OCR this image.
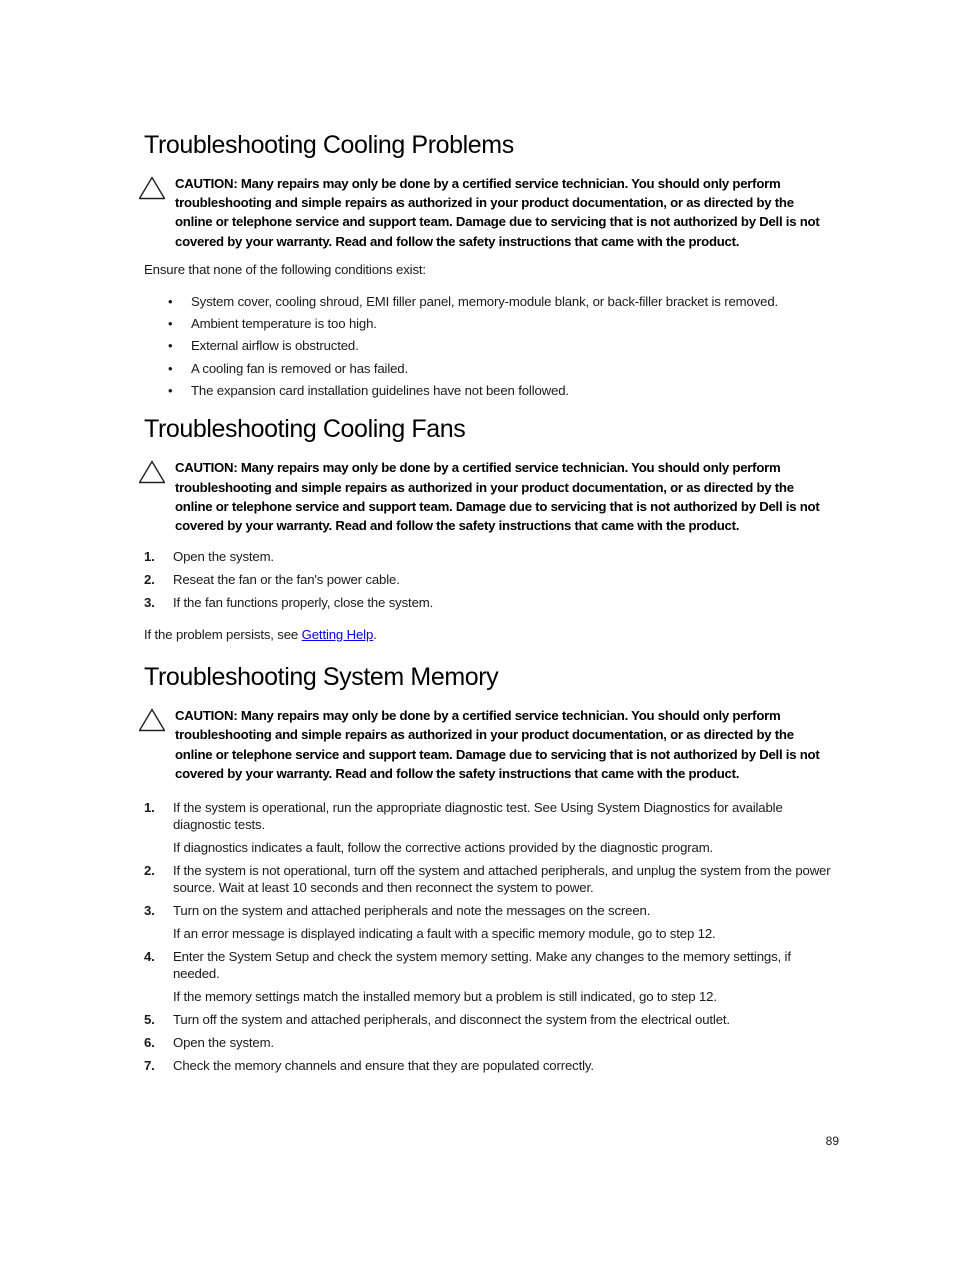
Troubleshooting Cooling Problems

CAUTION: Many repairs may only be done by a certified service technician. You should only perform troubleshooting and simple repairs as authorized in your product documentation, or as directed by the online or telephone service and support team. Damage due to servicing that is not authorized by Dell is not covered by your warranty. Read and follow the safety instructions that came with the product.

Ensure that none of the following conditions exist:

• System cover, cooling shroud, EMI filler panel, memory-module blank, or back-filler bracket is removed.
• Ambient temperature is too high.
• External airflow is obstructed.
• A cooling fan is removed or has failed.
• The expansion card installation guidelines have not been followed.
Troubleshooting Cooling Fans

CAUTION: Many repairs may only be done by a certified service technician. You should only perform troubleshooting and simple repairs as authorized in your product documentation, or as directed by the online or telephone service and support team. Damage due to servicing that is not authorized by Dell is not covered by your warranty. Read and follow the safety instructions that came with the product.

1. Open the system.
2. Reseat the fan or the fan's power cable.
3. If the fan functions properly, close the system.

If the problem persists, see Getting Help.

Troubleshooting System Memory

CAUTION: Many repairs may only be done by a certified service technician. You should only perform troubleshooting and simple repairs as authorized in your product documentation, or as directed by the online or telephone service and support team. Damage due to servicing that is not authorized by Dell is not covered by your warranty. Read and follow the safety instructions that came with the product.

1. If the system is operational, run the appropriate diagnostic test. See Using System Diagnostics for available diagnostic tests.
If diagnostics indicates a fault, follow the corrective actions provided by the diagnostic program.
2. If the system is not operational, turn off the system and attached peripherals, and unplug the system from the power source. Wait at least 10 seconds and then reconnect the system to power.
3. Turn on the system and attached peripherals and note the messages on the screen.
If an error message is displayed indicating a fault with a specific memory module, go to step 12.
4. Enter the System Setup and check the system memory setting. Make any changes to the memory settings, if needed.
If the memory settings match the installed memory but a problem is still indicated, go to step 12.
5. Turn off the system and attached peripherals, and disconnect the system from the electrical outlet.
6. Open the system.
7. Check the memory channels and ensure that they are populated correctly.
89
